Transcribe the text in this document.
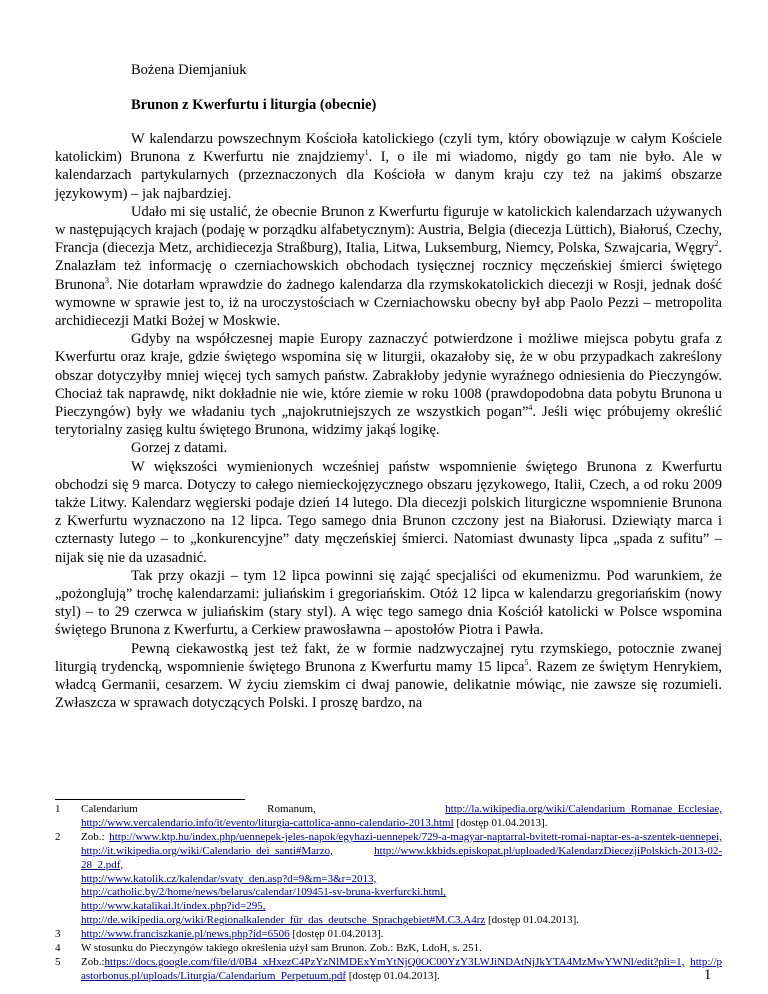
Bożena Diemjaniuk
Brunon z Kwerfurtu i liturgia (obecnie)

W kalendarzu powszechnym Kościoła katolickiego (czyli tym, który obowiązuje w całym Kościele katolickim) Brunona z Kwerfurtu nie znajdziemy$^1$. I, o ile mi wiadomo, nigdy go tam nie było. Ale w kalendarzach partykularnych (przeznaczonych dla Kościoła w danym kraju czy też na jakimś obszarze językowym) – jak najbardziej.

Udało mi się ustalić, że obecnie Brunon z Kwerfurtu figuruje w katolickich kalendarzach używanych w następujących krajach (podaję w porządku alfabetycznym): Austria, Belgia (diecezja Lüttich), Białoruś, Czechy, Francja (diecezja Metz, archidiecezja Straßburg), Italia, Litwa, Luksemburg, Niemcy, Polska, Szwajcaria, Węgry$^2$. Znalazłam też informację o czerniachowskich obchodach tysięcznej rocznicy męczeńskiej śmierci świętego Brunona$^3$. Nie dotarłam wprawdzie do żadnego kalendarza dla rzymskokatolickich diecezji w Rosji, jednak dość wymowne w sprawie jest to, iż na uroczystościach w Czerniachowsku obecny był abp Paolo Pezzi – metropolita archidiecezji Matki Bożej w Moskwie.

Gdyby na współczesnej mapie Europy zaznaczyć potwierdzone i możliwe miejsca pobytu grafa z Kwerfurtu oraz kraje, gdzie świętego wspomina się w liturgii, okazałoby się, że w obu przypadkach zakreślony obszar dotyczyłby mniej więcej tych samych państw. Zabrakłoby jedynie wyraźnego odniesienia do Pieczyngów. Chociaż tak naprawdę, nikt dokładnie nie wie, które ziemie w roku 1008 (prawdopodobna data pobytu Brunona u Pieczyngów) były we władaniu tych „najokrutniejszych ze wszystkich pogan”$^4$. Jeśli więc próbujemy określić terytorialny zasięg kultu świętego Brunona, widzimy jakąś logikę.

Gorzej z datami.

W większości wymienionych wcześniej państw wspomnienie świętego Brunona z Kwerfurtu obchodzi się 9 marca. Dotyczy to całego niemieckojęzycznego obszaru językowego, Italii, Czech, a od roku 2009 także Litwy. Kalendarz węgierski podaje dzień 14 lutego. Dla diecezji polskich liturgiczne wspomnienie Brunona z Kwerfurtu wyznaczono na 12 lipca. Tego samego dnia Brunon czczony jest na Białorusi. Dziewiąty marca i czternasty lutego – to „konkurencyjne” daty męczeńskiej śmierci. Natomiast dwunasty lipca „spada z sufitu” – nijak się nie da uzasadnić.

Tak przy okazji – tym 12 lipca powinni się zająć specjaliści od ekumenizmu. Pod warunkiem, że „pożonglują” trochę kalendarzami: juliańskim i gregoriańskim. Otóż 12 lipca w kalendarzu gregoriańskim (nowy styl) – to 29 czerwca w juliańskim (stary styl). A więc tego samego dnia Kościół katolicki w Polsce wspomina świętego Brunona z Kwerfurtu, a Cerkiew prawosławna – apostołów Piotra i Pawła.

Pewną ciekawostką jest też fakt, że w formie nadzwyczajnej rytu rzymskiego, potocznie zwanej liturgią trydencką, wspomnienie świętego Brunona z Kwerfurtu mamy 15 lipca$^5$. Razem ze świętym Henrykiem, władcą Germanii, cesarzem. W życiu ziemskim ci dwaj panowie, delikatnie mówiąc, nie zawsze się rozumieli. Zwłaszcza w sprawach dotyczących Polski. I proszę bardzo, na

1	Calendarium          Romanum,          http://la.wikipedia.org/wiki/Calendarium_Romanae_Ecclesiae, http://www.vercalendario.info/it/evento/liturgia-cattolica-anno-calendario-2013.html [dostęp 01.04.2013].
2	Zob.: http://www.ktp.hu/index.php/uennepek-jeles-napok/egyhazi-uennepek/729-a-magyar-naptarral-bvitett-romai-naptar-es-a-szentek-uennepei, http://it.wikipedia.org/wiki/Calendario_dei_santi#Marzo,	http://www.kkbids.episkopat.pl/uploaded/KalendarzDiecezjiPolskich-2013-02-28_2.pdf,
http://www.katolik.cz/kalendar/svaty_den.asp?d=9&m=3&r=2013,
http://catholic.by/2/home/news/belarus/calendar/109451-sv-bruna-kverfurcki.html,
http://www.katalikai.lt/index.php?id=295,
http://de.wikipedia.org/wiki/Regionalkalender_für_das_deutsche_Sprachgebiet#M.C3.A4rz [dostęp 01.04.2013].
3	http://www.franciszkanie.pl/news.php?id=6506 [dostęp 01.04.2013].
4	W stosunku do Pieczyngów takiego określenia użył sam Brunon. Zob.: BzK, LdoH, s. 251.
5	Zob.:https://docs.google.com/file/d/0B4_xHxezC4PzYzNlMDExYmYtNjQ0OC00YzY3LWJiNDAtNjJkYTA4MzMwYWNl/edit?pli=1, http://pastorbonus.pl/uploads/Liturgia/Calendarium_Perpetuum.pdf [dostęp 01.04.2013].	1
